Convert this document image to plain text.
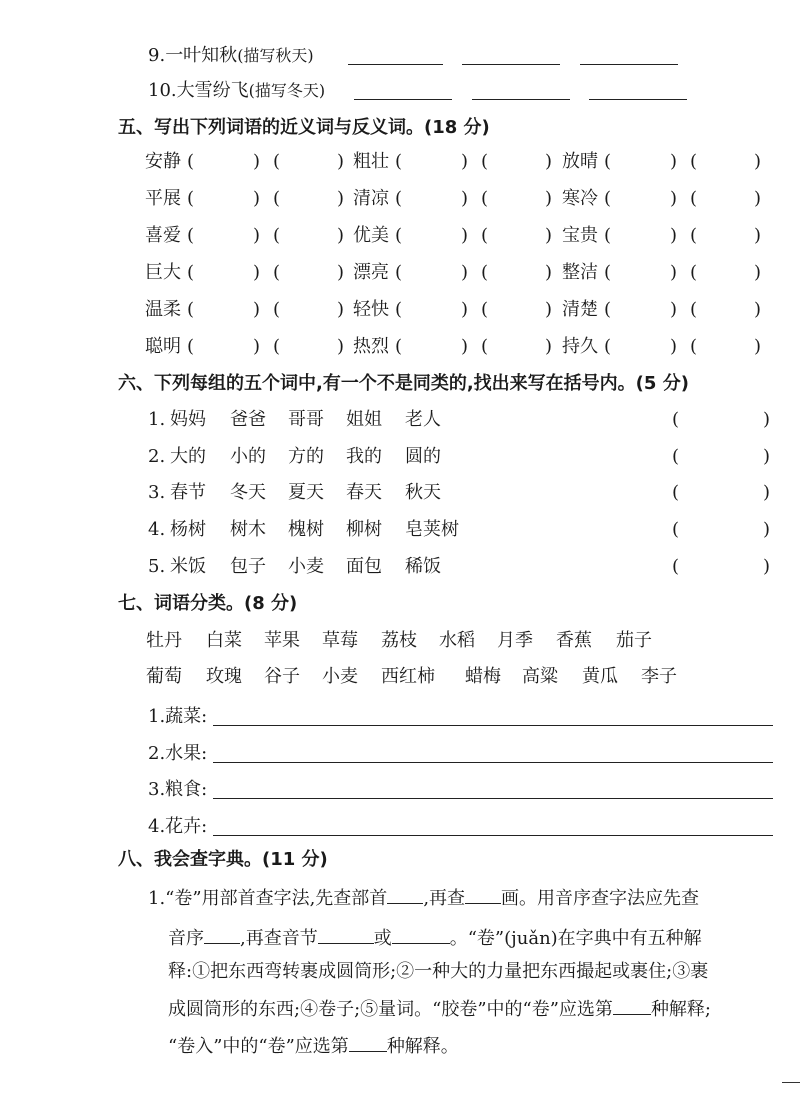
9.一叶知秋(描写秋天)
10.大雪纷飞(描写冬天)
五、写出下列词语的近义词与反义词。(18 分)
安静 (	) (	) 粗壮 (	) (	) 放晴 (	) (	)
平展 (	) (	) 清凉 (	) (	) 寒冷 (	) (	)
喜爱 (	) (	) 优美 (	) (	) 宝贵 (	) (	)
巨大 (	) (	) 漂亮 (	) (	) 整洁 (	) (	)
温柔 (	) (	) 轻快 (	) (	) 清楚 (	) (	)
聪明 (	) (	) 热烈 (	) (	) 持久 (	) (	)
六、下列每组的五个词中,有一个不是同类的,找出来写在括号内。(5 分)
1. 妈妈 爸爸 哥哥 姐姐 老人	(	)
2. 大的 小的 方的 我的 圆的	(	)
3. 春节 冬天 夏天 春天 秋天	(	)
4. 杨树 树木 槐树 柳树 皂荚树	(	)
5. 米饭 包子 小麦 面包 稀饭	(	)
七、词语分类。(8 分)
牡丹 白菜 苹果 草莓 荔枝 水稻 月季 香蕉 茄子
葡萄 玫瑰 谷子 小麦 西红柿 蜡梅 高粱 黄瓜 李子
1.蔬菜:
2.水果:
3.粮食:
4.花卉:
八、我会查字典。(11 分)
1.“卷”用部首查字法,先查部首 ,再查 画。用音序查字法应先查
音序 ,再查音节	或	。“卷”(juǎn)在字典中有五种解
释:①把东西弯转裹成圆筒形;②一种大的力量把东西撮起或裹住;③裹
成圆筒形的东西;④卷子;⑤量词。“胶卷”中的“卷”应选第 种解释;
“卷入”中的“卷”应选第 种解释。
